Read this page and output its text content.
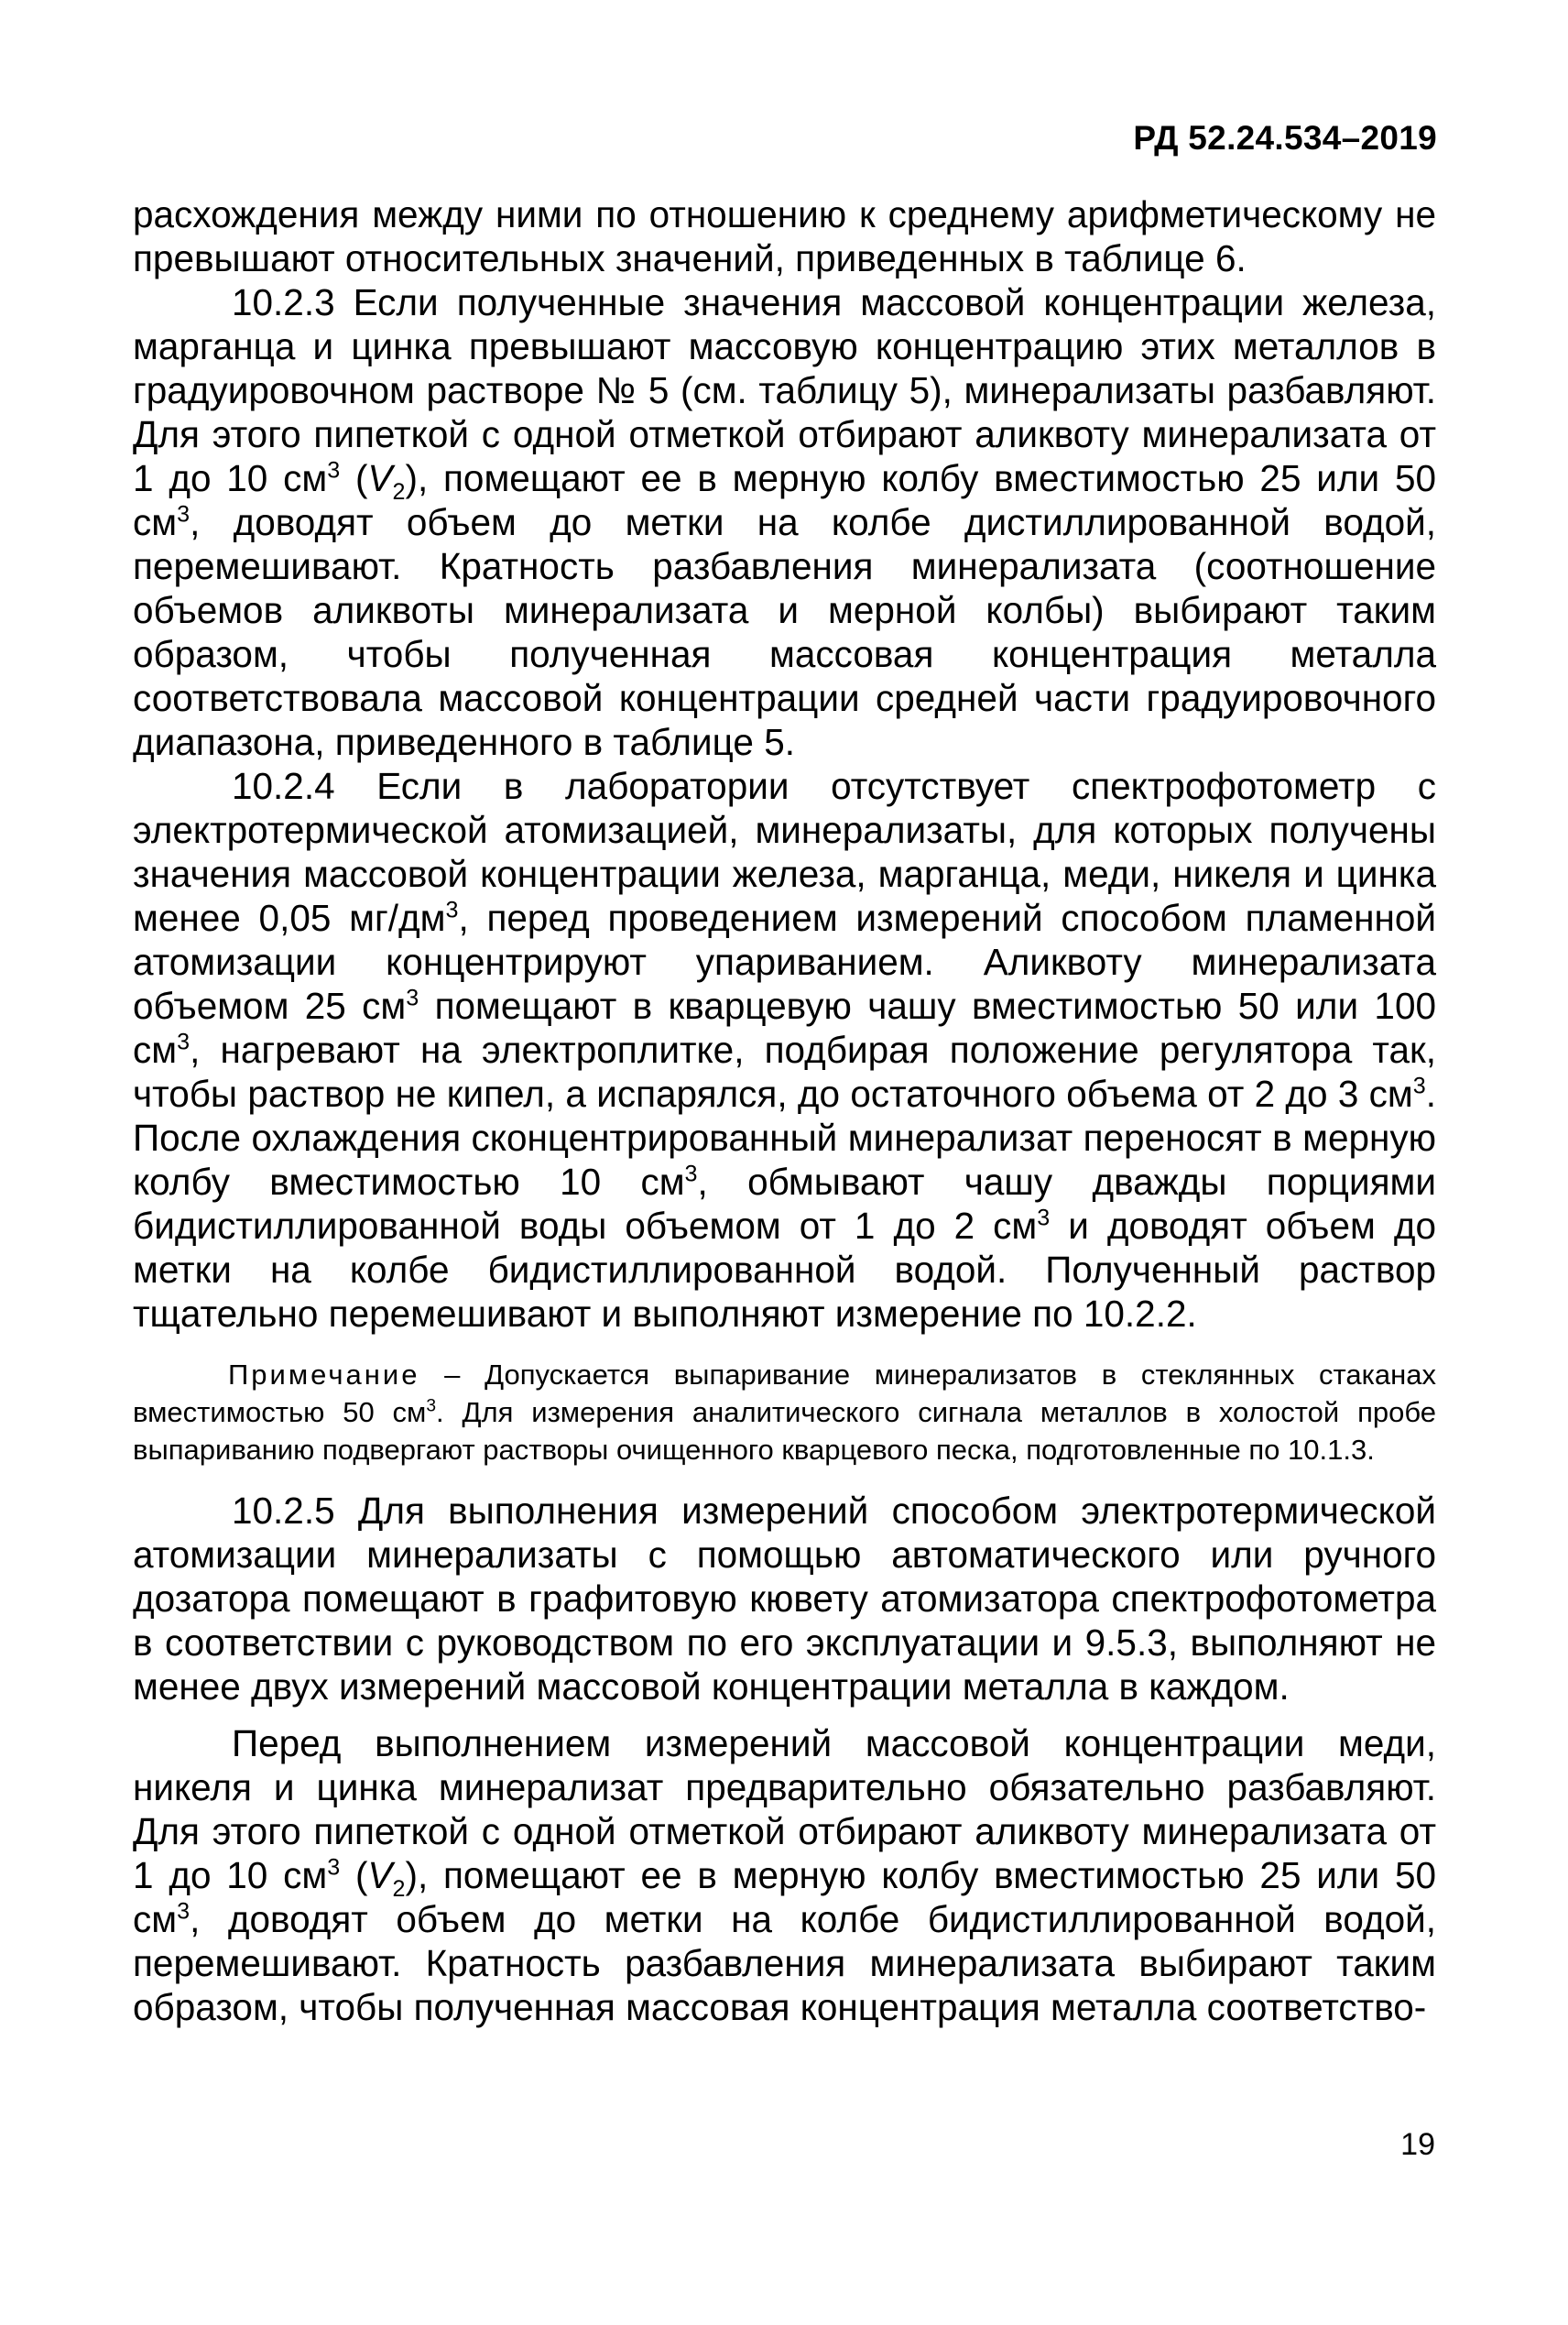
РД 52.24.534–2019

расхождения между ними по отношению к среднему арифметическому не превышают относительных значений, приведенных в таблице 6.

10.2.3 Если полученные значения массовой концентрации железа, марганца и цинка превышают массовую концентрацию этих металлов в градуировочном растворе № 5 (см. таблицу 5), минерализаты разбавляют. Для этого пипеткой с одной отметкой отбирают аликвоту минерализата от 1 до 10 $см^3$ $(V_2)$, помещают ее в мерную колбу вместимостью 25 или 50 $см^3$, доводят объем до метки на колбе дистиллированной водой, перемешивают. Кратность разбавления минерализата (соотношение объемов аликвоты минерализата и мерной колбы) выбирают таким образом, чтобы полученная массовая концентрация металла соответствовала массовой концентрации средней части градуировочного диапазона, приведенного в таблице 5.

10.2.4 Если в лаборатории отсутствует спектрофотометр с электротермической атомизацией, минерализаты, для которых получены значения массовой концентрации железа, марганца, меди, никеля и цинка менее 0,05 $мг/дм^3$, перед проведением измерений способом пламенной атомизации концентрируют упариванием. Аликвоту минерализата объемом 25 $см^3$ помещают в кварцевую чашу вместимостью 50 или 100 $см^3$, нагревают на электроплитке, подбирая положение регулятора так, чтобы раствор не кипел, а испарялся, до остаточного объема от 2 до 3 $см^3$. После охлаждения сконцентрированный минерализат переносят в мерную колбу вместимостью 10 $см^3$, обмывают чашу дважды порциями бидистиллированной воды объемом от 1 до 2 $см^3$ и доводят объем до метки на колбе бидистиллированной водой. Полученный раствор тщательно перемешивают и выполняют измерение по 10.2.2.

Примечание – Допускается выпаривание минерализатов в стеклянных стаканах вместимостью 50 $см^3$. Для измерения аналитического сигнала металлов в холостой пробе выпариванию подвергают растворы очищенного кварцевого песка, подготовленные по 10.1.3.

10.2.5 Для выполнения измерений способом электротермической атомизации минерализаты с помощью автоматического или ручного дозатора помещают в графитовую кювету атомизатора спектрофотометра в соответствии с руководством по его эксплуатации и 9.5.3, выполняют не менее двух измерений массовой концентрации металла в каждом.

Перед выполнением измерений массовой концентрации меди, никеля и цинка минерализат предварительно обязательно разбавляют. Для этого пипеткой с одной отметкой отбирают аликвоту минерализата от 1 до 10 $см^3$ $(V_2)$, помещают ее в мерную колбу вместимостью 25 или 50 $см^3$, доводят объем до метки на колбе бидистиллированной водой, перемешивают. Кратность разбавления минерализата выбирают таким образом, чтобы полученная массовая концентрация металла соответство-

19
